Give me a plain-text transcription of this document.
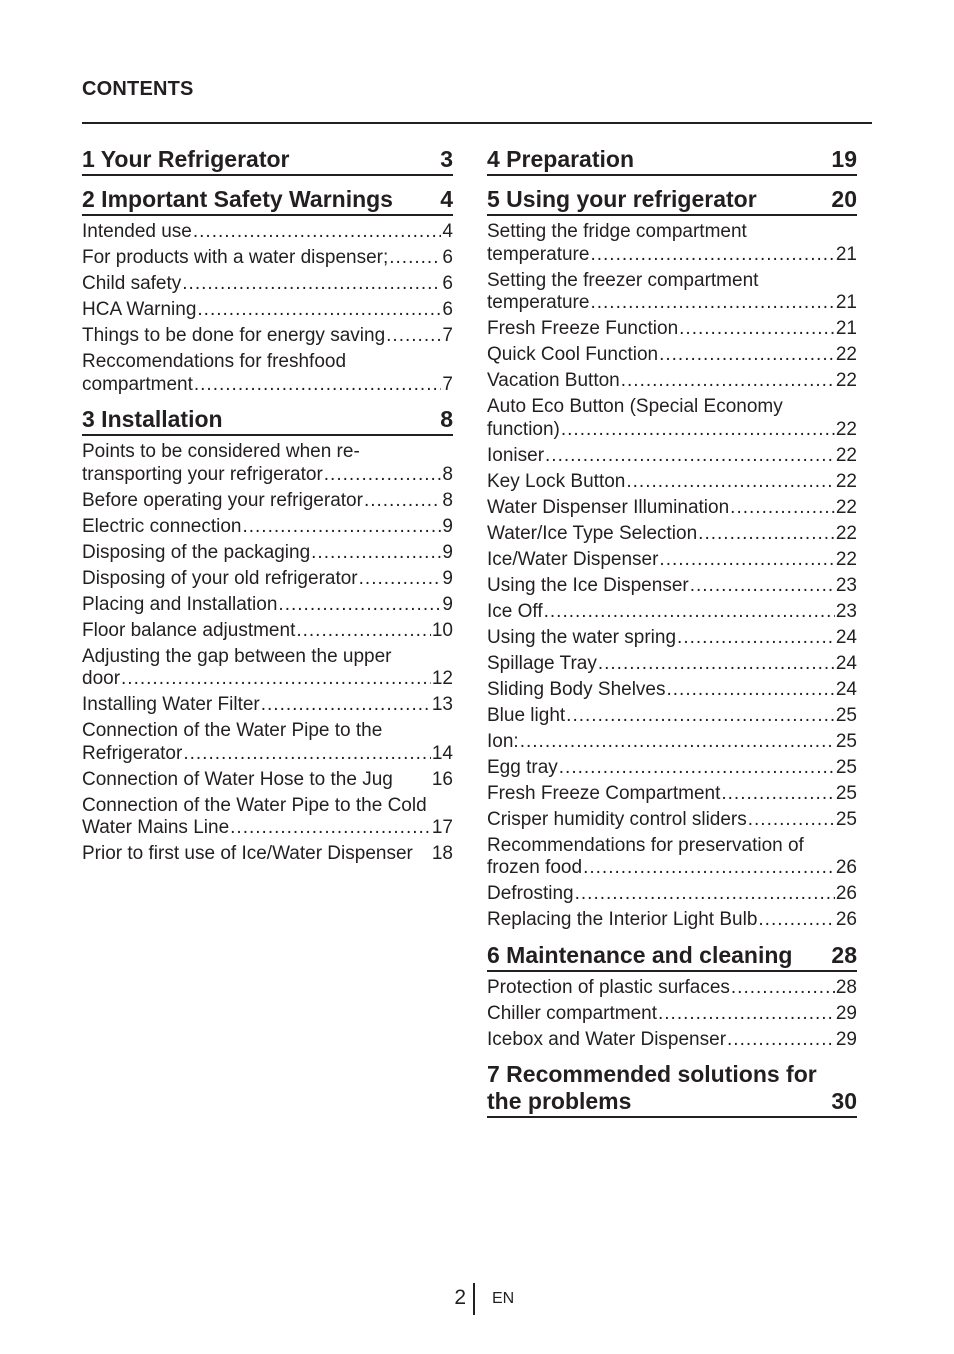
CONTENTS
1 Your Refrigerator	3
2 Important Safety Warnings	4
Intended use .....	4
For products with a water dispenser; .....	6
Child safety .....	6
HCA Warning .....	6
Things to be done for energy saving .....	7
Reccomendations for freshfood
compartment .....	7
3 Installation	8
Points to be considered when re-
transporting your refrigerator .....	8
Before operating your refrigerator .....	8
Electric connection .....	9
Disposing of the packaging .....	9
Disposing of your old refrigerator .....	9
Placing and Installation .....	9
Floor balance adjustment .....	10
Adjusting the gap between the upper
door .....	12
Installing Water Filter .....	13
Connection of the Water Pipe to the
Refrigerator .....	14
Connection of Water Hose to the Jug 16
Connection of the Water Pipe to the Cold
Water Mains Line .....	17
Prior to first use of Ice/Water Dispenser 18
4 Preparation	19
5 Using your refrigerator	20
Setting the fridge compartment
temperature .....	21
Setting the freezer compartment
temperature .....	21
Fresh Freeze Function .....	21
Quick Cool Function .....	22
Vacation Button .....	22
Auto Eco Button (Special Economy
function) .....	22
Ioniser .....	22
Key Lock Button .....	22
Water Dispenser Illumination .....	22
Water/Ice Type Selection .....	22
Ice/Water Dispenser .....	22
Using the Ice Dispenser .....	23
Ice Off .....	23
Using the water spring .....	24
Spillage Tray .....	24
Sliding Body Shelves .....	24
Blue light .....	25
Ion: .....	25
Egg tray .....	25
Fresh Freeze Compartment .....	25
Crisper humidity control sliders .....	25
Recommendations for preservation of
frozen food .....	26
Defrosting .....	26
Replacing the Interior Light Bulb .....	26
6 Maintenance and cleaning	28
Protection of plastic surfaces .....	28
Chiller compartment .....	29
Icebox and Water Dispenser .....	29
7 Recommended solutions for the problems	30
2 EN
